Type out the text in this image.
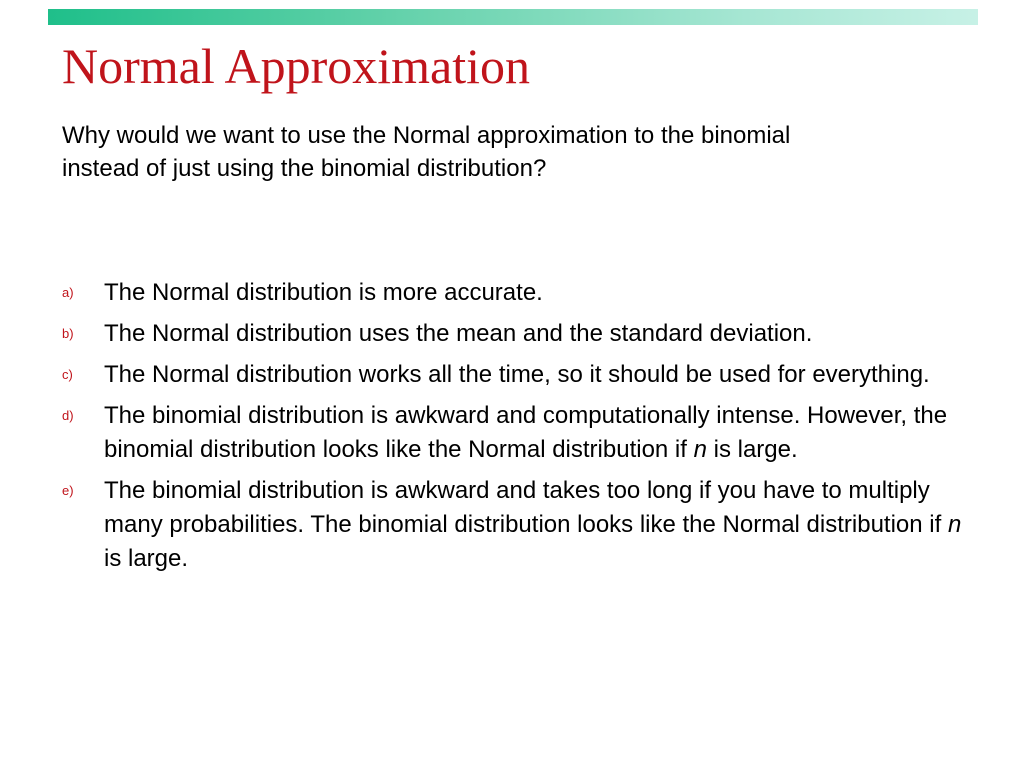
Normal Approximation

Why would we want to use the Normal approximation to the binomial
instead of just using the binomial distribution?

a)	The Normal distribution is more accurate.
b)	The Normal distribution uses the mean and the standard deviation.
c)	The Normal distribution works all the time, so it should be used for everything.
d)	The binomial distribution is awkward and computationally intense. However, the binomial distribution looks like the Normal distribution if n is large.
e)	The binomial distribution is awkward and takes too long if you have to multiply many probabilities. The binomial distribution looks like the Normal distribution if n is large.
